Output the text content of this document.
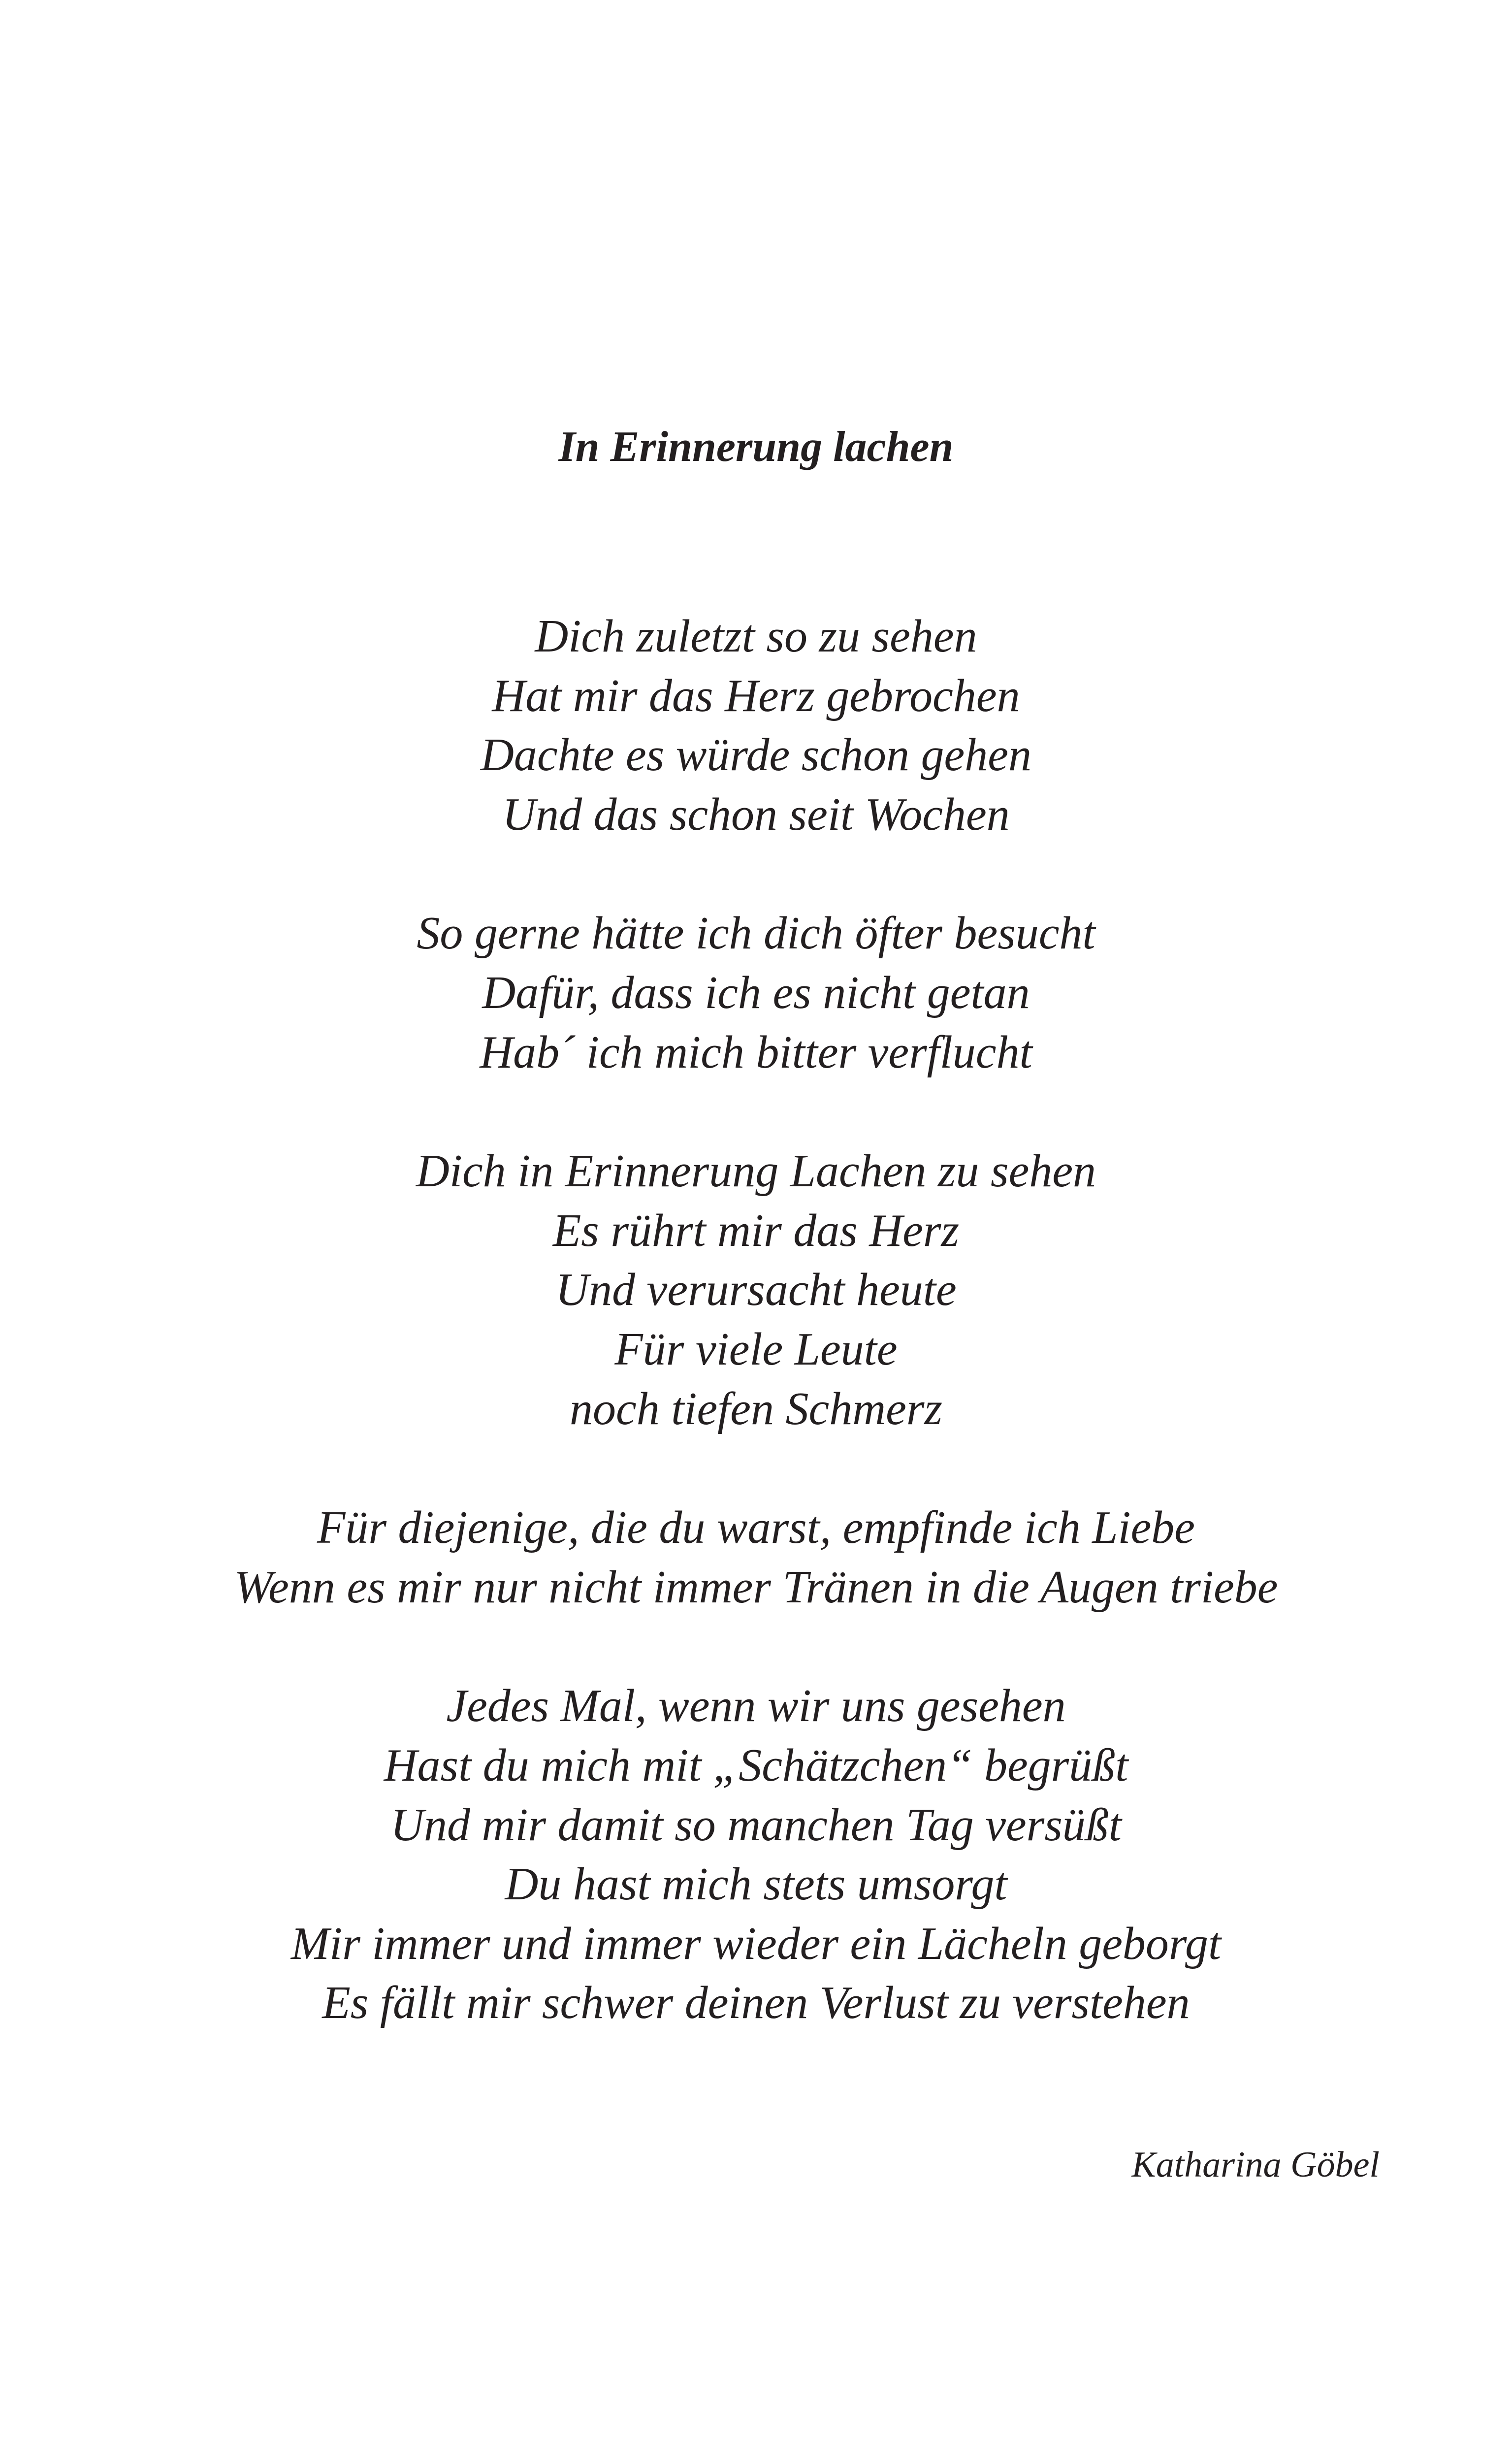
In Erinnerung lachen
Dich zuletzt so zu sehen
Hat mir das Herz gebrochen
Dachte es würde schon gehen
Und das schon seit Wochen
So gerne hätte ich dich öfter besucht
Dafür, dass ich es nicht getan
Hab´ ich mich bitter verflucht
Dich in Erinnerung Lachen zu sehen
Es rührt mir das Herz
Und verursacht heute
Für viele Leute
noch tiefen Schmerz
Für diejenige, die du warst, empfinde ich Liebe
Wenn es mir nur nicht immer Tränen in die Augen triebe
Jedes Mal, wenn wir uns gesehen
Hast du mich mit „Schätzchen“ begrüßt
Und mir damit so manchen Tag versüßt
Du hast mich stets umsorgt
Mir immer und immer wieder ein Lächeln geborgt
Es fällt mir schwer deinen Verlust zu verstehen
Katharina Göbel
